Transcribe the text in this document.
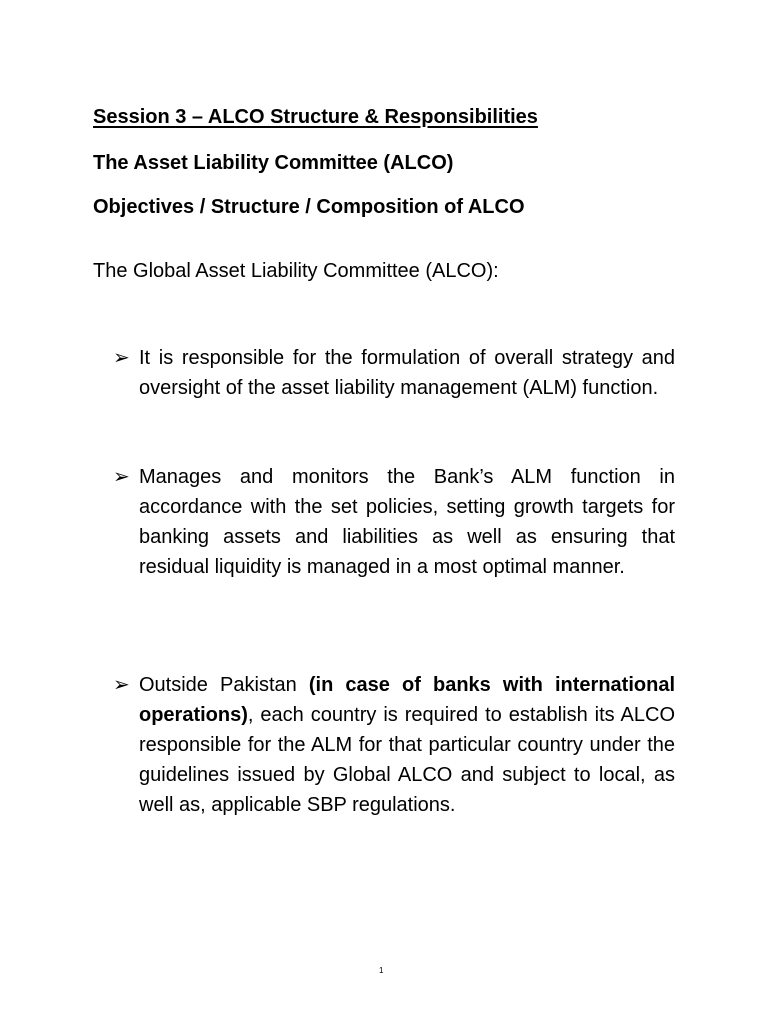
Session 3 – ALCO Structure & Responsibilities
The Asset Liability Committee (ALCO)
Objectives / Structure / Composition of ALCO
The Global Asset Liability Committee (ALCO):
➢ It is responsible for the formulation of overall strategy and oversight of the asset liability management (ALM) function.
➢ Manages and monitors the Bank’s ALM function in accordance with the set policies, setting growth targets for banking assets and liabilities as well as ensuring that residual liquidity is managed in a most optimal manner.
➢ Outside Pakistan (in case of banks with international operations), each country is required to establish its ALCO responsible for the ALM for that particular country under the guidelines issued by Global ALCO and subject to local, as well as, applicable SBP regulations.
1
